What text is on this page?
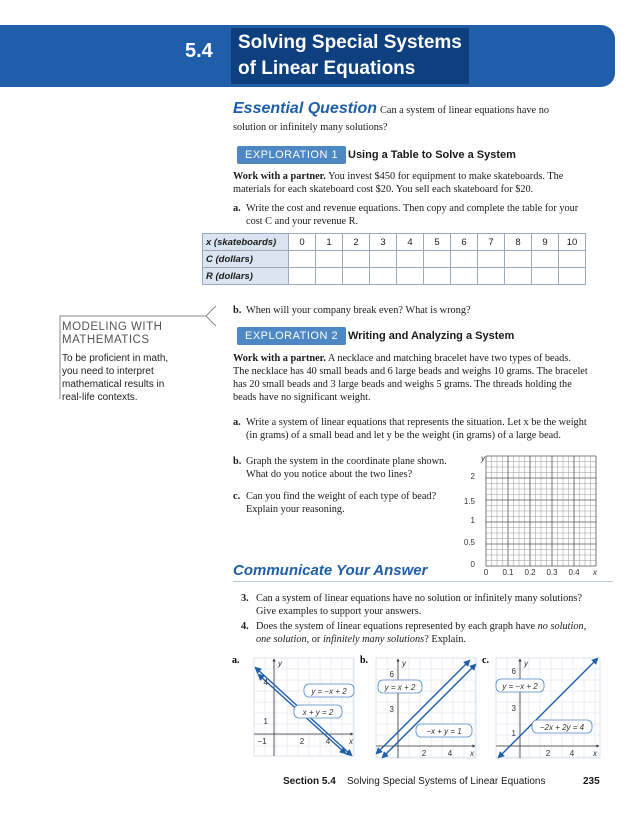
5.4 Solving Special Systems
of Linear Equations
Essential Question Can a system of linear equations have no
solution or infinitely many solutions?
EXPLORATION 1 Using a Table to Solve a System
Work with a partner. You invest $450 for equipment to make skateboards. The
materials for each skateboard cost $20. You sell each skateboard for $20.
a. Write the cost and revenue equations. Then copy and complete the table for your
cost C and your revenue R.
x (skateboards)	0	1	2	3	4	5	6	7	8	9	10
C (dollars)											
R (dollars)											
b. When will your company break even? What is wrong?
MODELING WITH
MATHEMATICS
To be proficient in math,
you need to interpret
mathematical results in
real-life contexts.
EXPLORATION 2 Writing and Analyzing a System
Work with a partner. A necklace and matching bracelet have two types of beads.
The necklace has 40 small beads and 6 large beads and weighs 10 grams. The bracelet
has 20 small beads and 3 large beads and weighs 5 grams. The threads holding the
beads have no significant weight.
a. Write a system of linear equations that represents the situation. Let x be the weight
(in grams) of a small bead and let y be the weight (in grams) of a large bead.
b. Graph the system in the coordinate plane shown.
What do you notice about the two lines?
c. Can you find the weight of each type of bead?
Explain your reasoning.
y
2
1.5
1
0.5
0
0 0.1 0.2 0.3 0.4 x
Communicate Your Answer
3. Can a system of linear equations have no solution or infinitely many solutions?
Give examples to support your answers.
4. Does the system of linear equations represented by each graph have no solution,
one solution, or infinitely many solutions? Explain.
a.
y = −x + 2
x + y = 2
4
1
−1	2	4 x
y	b.
y = x + 2
−x + y = 1
6
3
2	4 x
y	c.
y = −x + 2
−2x + 2y = 4
6
3
1
2 4 x
y
Section 5.4 Solving Special Systems of Linear Equations	235
